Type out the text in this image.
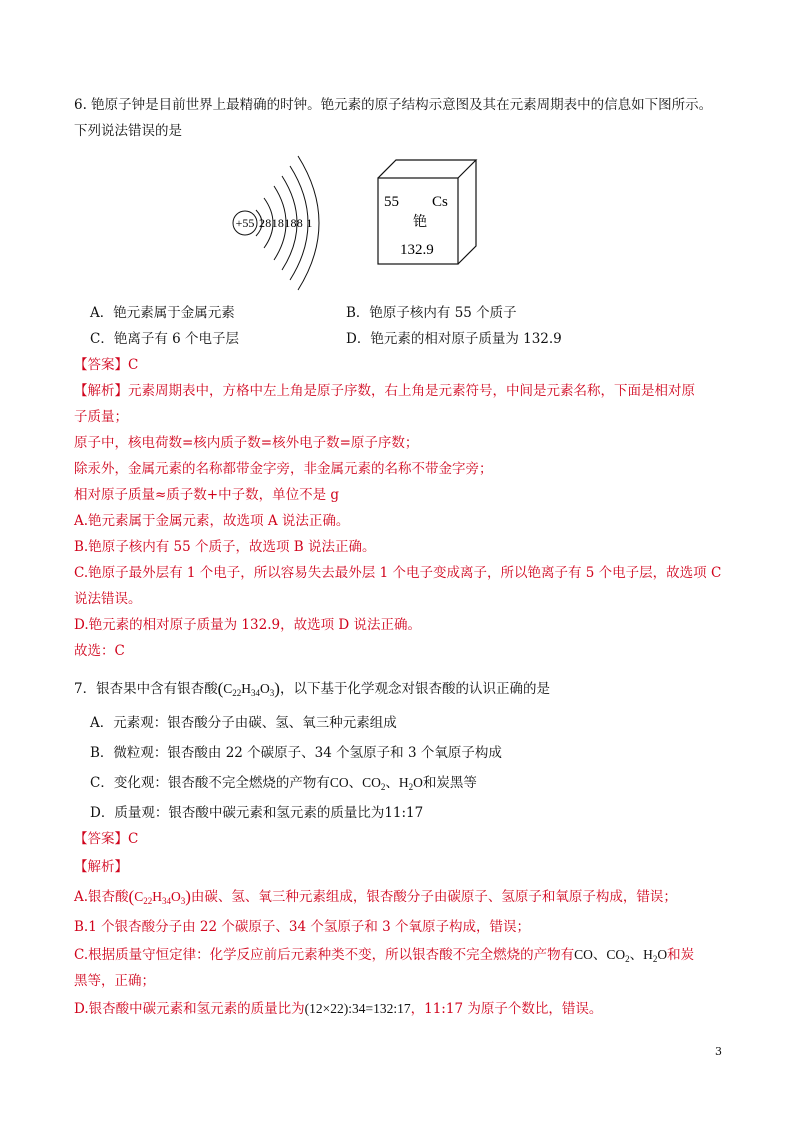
6. 铯原子钟是目前世界上最精确的时钟。铯元素的原子结构示意图及其在元素周期表中的信息如下图所示。
下列说法错误的是
+55 2818188 1
55 Cs
铯
132.9
A．铯元素属于金属元素	B．铯原子核内有 55 个质子
C．铯离子有 6 个电子层	D．铯元素的相对原子质量为 132.9
【答案】C
【解析】元素周期表中，方格中左上角是原子序数，右上角是元素符号，中间是元素名称，下面是相对原
子质量；
原子中，核电荷数=核内质子数=核外电子数=原子序数；
除汞外，金属元素的名称都带金字旁，非金属元素的名称不带金字旁；
相对原子质量≈质子数+中子数，单位不是 g
A.铯元素属于金属元素，故选项 A 说法正确。
B.铯原子核内有 55 个质子，故选项 B 说法正确。
C.铯原子最外层有 1 个电子，所以容易失去最外层 1 个电子变成离子，所以铯离子有 5 个电子层，故选项 C
说法错误。
D.铯元素的相对原子质量为 132.9，故选项 D 说法正确。
故选：C
7．银杏果中含有银杏酸$(C_{22}H_{34}O_3)$，以下基于化学观念对银杏酸的认识正确的是
A．元素观：银杏酸分子由碳、氢、氧三种元素组成
B．微粒观：银杏酸由 22 个碳原子、34 个氢原子和 3 个氧原子构成
C．变化观：银杏酸不完全燃烧的产物有CO、$CO_2$、$H_2O$和炭黑等
D．质量观：银杏酸中碳元素和氢元素的质量比为11:17
【答案】C
【解析】
A.银杏酸$(C_{22}H_{34}O_3)$由碳、氢、氧三种元素组成，银杏酸分子由碳原子、氢原子和氧原子构成，错误；
B.1 个银杏酸分子由 22 个碳原子、34 个氢原子和 3 个氧原子构成，错误；
C.根据质量守恒定律：化学反应前后元素种类不变，所以银杏酸不完全燃烧的产物有CO、$CO_2$、$H_2O$和炭
黑等，正确；
D.银杏酸中碳元素和氢元素的质量比为(12×22):34=132:17，11:17 为原子个数比，错误。
3
